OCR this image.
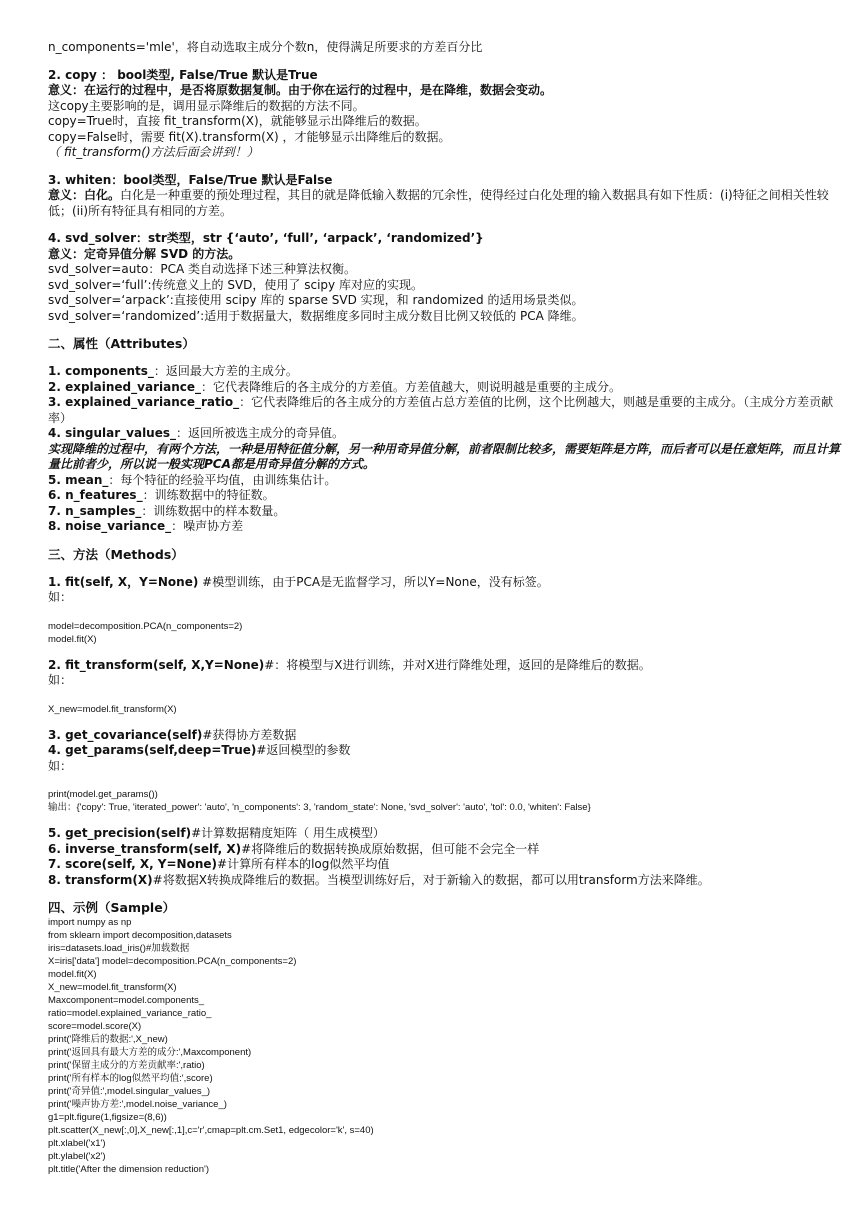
n_components='mle'，将自动选取主成分个数n，使得满足所要求的方差百分比
2. copy ： bool类型, False/True 默认是True
意义：在运行的过程中，是否将原数据复制。由于你在运行的过程中，是在降维，数据会变动。
这copy主要影响的是，调用显示降维后的数据的方法不同。
copy=True时，直接 fit_transform(X)，就能够显示出降维后的数据。
copy=False时，需要 fit(X).transform(X) ，才能够显示出降维后的数据。
（ fit_transform()方法后面会讲到！）
3. whiten：bool类型，False/True 默认是False
意义：白化。白化是一种重要的预处理过程，其目的就是降低输入数据的冗余性，使得经过白化处理的输入数据具有如下性质：(i)特征之间相关性较低；(ii)所有特征具有相同的方差。
4. svd_solver：str类型，str {‘auto’, ‘full’, ‘arpack’, ‘randomized’}
意义：定奇异值分解 SVD 的方法。
svd_solver=auto：PCA 类自动选择下述三种算法权衡。
svd_solver=‘full’:传统意义上的 SVD，使用了 scipy 库对应的实现。
svd_solver=‘arpack’:直接使用 scipy 库的 sparse SVD 实现，和 randomized 的适用场景类似。
svd_solver=‘randomized’:适用于数据量大，数据维度多同时主成分数目比例又较低的 PCA 降维。
二、属性（Attributes）
1. components_：返回最大方差的主成分。
2. explained_variance_：它代表降维后的各主成分的方差值。方差值越大，则说明越是重要的主成分。
3. explained_variance_ratio_：它代表降维后的各主成分的方差值占总方差值的比例，这个比例越大，则越是重要的主成分。（主成分方差贡献率）
4. singular_values_：返回所被选主成分的奇异值。
实现降维的过程中，有两个方法，一种是用特征值分解，另一种用奇异值分解，前者限制比较多，需要矩阵是方阵，而后者可以是任意矩阵，而且计算量比前者少，所以说一般实现PCA都是用奇异值分解的方式。
5. mean_：每个特征的经验平均值，由训练集估计。
6. n_features_：训练数据中的特征数。
7. n_samples_：训练数据中的样本数量。
8. noise_variance_：噪声协方差
三、方法（Methods）
1. fit(self, X，Y=None) #模型训练，由于PCA是无监督学习，所以Y=None，没有标签。
如：
model=decomposition.PCA(n_components=2)
model.fit(X)
2. fit_transform(self, X,Y=None)#：将模型与X进行训练，并对X进行降维处理，返回的是降维后的数据。
如：
X_new=model.fit_transform(X)
3. get_covariance(self)#获得协方差数据
4. get_params(self,deep=True)#返回模型的参数
如：
print(model.get_params())
输出：{'copy': True, 'iterated_power': 'auto', 'n_components': 3, 'random_state': None, 'svd_solver': 'auto', 'tol': 0.0, 'whiten': False}
5. get_precision(self)#计算数据精度矩阵（ 用生成模型）
6. inverse_transform(self, X)#将降维后的数据转换成原始数据，但可能不会完全一样
7. score(self, X, Y=None)#计算所有样本的log似然平均值
8. transform(X)#将数据X转换成降维后的数据。当模型训练好后，对于新输入的数据，都可以用transform方法来降维。
四、示例（Sample）
import numpy as np
from sklearn import decomposition,datasets
iris=datasets.load_iris()#加载数据
X=iris['data'] model=decomposition.PCA(n_components=2)
model.fit(X)
X_new=model.fit_transform(X)
Maxcomponent=model.components_
ratio=model.explained_variance_ratio_
score=model.score(X)
print('降维后的数据:',X_new)
print('返回具有最大方差的成分:',Maxcomponent)
print('保留主成分的方差贡献率:',ratio)
print('所有样本的log似然平均值:',score)
print('奇异值:',model.singular_values_)
print('噪声协方差:',model.noise_variance_)
g1=plt.figure(1,figsize=(8,6))
plt.scatter(X_new[:,0],X_new[:,1],c='r',cmap=plt.cm.Set1, edgecolor='k', s=40)
plt.xlabel('x1')
plt.ylabel('x2')
plt.title('After the dimension reduction')
